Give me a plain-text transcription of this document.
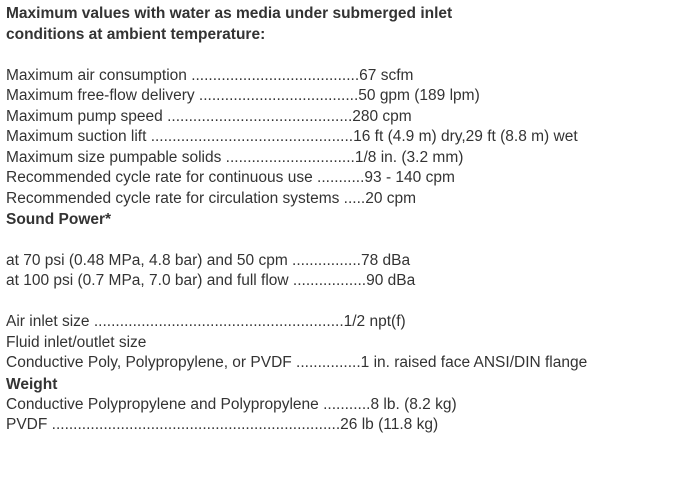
Maximum values with water as media under submerged inlet
conditions at ambient temperature:
Maximum air consumption .......................................67 scfm
Maximum free-flow delivery .....................................50 gpm (189 lpm)
Maximum pump speed ...........................................280 cpm
Maximum suction lift ...............................................16 ft (4.9 m) dry,29 ft (8.8 m) wet
Maximum size pumpable solids ..............................1/8 in. (3.2 mm)
Recommended cycle rate for continuous use ...........93 - 140 cpm
Recommended cycle rate for circulation systems .....20 cpm
Sound Power*
at 70 psi (0.48 MPa, 4.8 bar) and 50 cpm ................78 dBa
at 100 psi (0.7 MPa, 7.0 bar) and full flow .................90 dBa
Air inlet size ..........................................................1/2 npt(f)
Fluid inlet/outlet size
Conductive Poly, Polypropylene, or PVDF ...............1 in. raised face ANSI/DIN flange
Weight
Conductive Polypropylene and Polypropylene ...........8 lb. (8.2 kg)
PVDF ...................................................................26 lb (11.8 kg)
